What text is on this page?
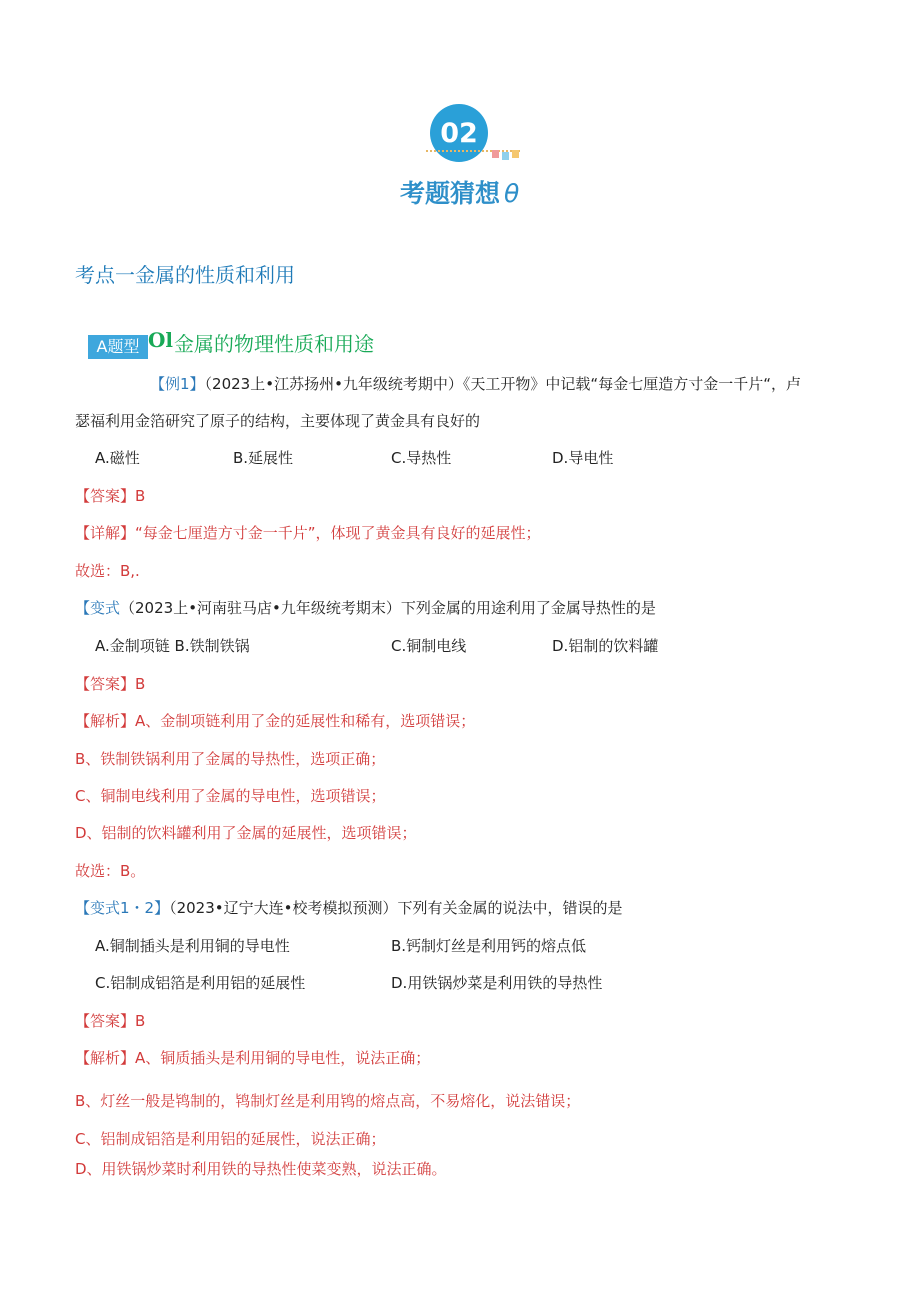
02
考题猜想 θ
考点一金属的性质和利用
A题型 Ol 金属的物理性质和用途
【例1】（2023上•江苏扬州•九年级统考期中）《天工开物》中记载“每金七厘造方寸金一千片“，卢
瑟福利用金箔研究了原子的结构，主要体现了黄金具有良好的
A.磁性	B.延展性	C.导热性	D.导电性
【答案】B
【详解】“每金七厘造方寸金一千片”，体现了黄金具有良好的延展性；
故选：B,.
【变式（2023上•河南驻马店•九年级统考期末）下列金属的用途利用了金属导热性的是
A.金制项链 B.铁制铁锅	C.铜制电线	D.铝制的饮料罐
【答案】B
【解析】A、金制项链利用了金的延展性和稀有，选项错误；
B、铁制铁锅利用了金属的导热性，选项正确；
C、铜制电线利用了金属的导电性，选项错误；
D、铝制的饮料罐利用了金属的延展性，选项错误；
故选：B。
【变式1・2】（2023•辽宁大连•校考模拟预测）下列有关金属的说法中，错误的是
A.铜制插头是利用铜的导电性	B.钙制灯丝是利用钙的熔点低
C.铝制成铝箔是利用铝的延展性	D.用铁锅炒菜是利用铁的导热性
【答案】B
【解析】A、铜质插头是利用铜的导电性，说法正确；
B、灯丝一般是鸨制的，鸨制灯丝是利用鸨的熔点高，不易熔化，说法错误；
C、铝制成铝箔是利用铝的延展性，说法正确；
D、用铁锅炒菜时利用铁的导热性使菜变熟，说法正确。
